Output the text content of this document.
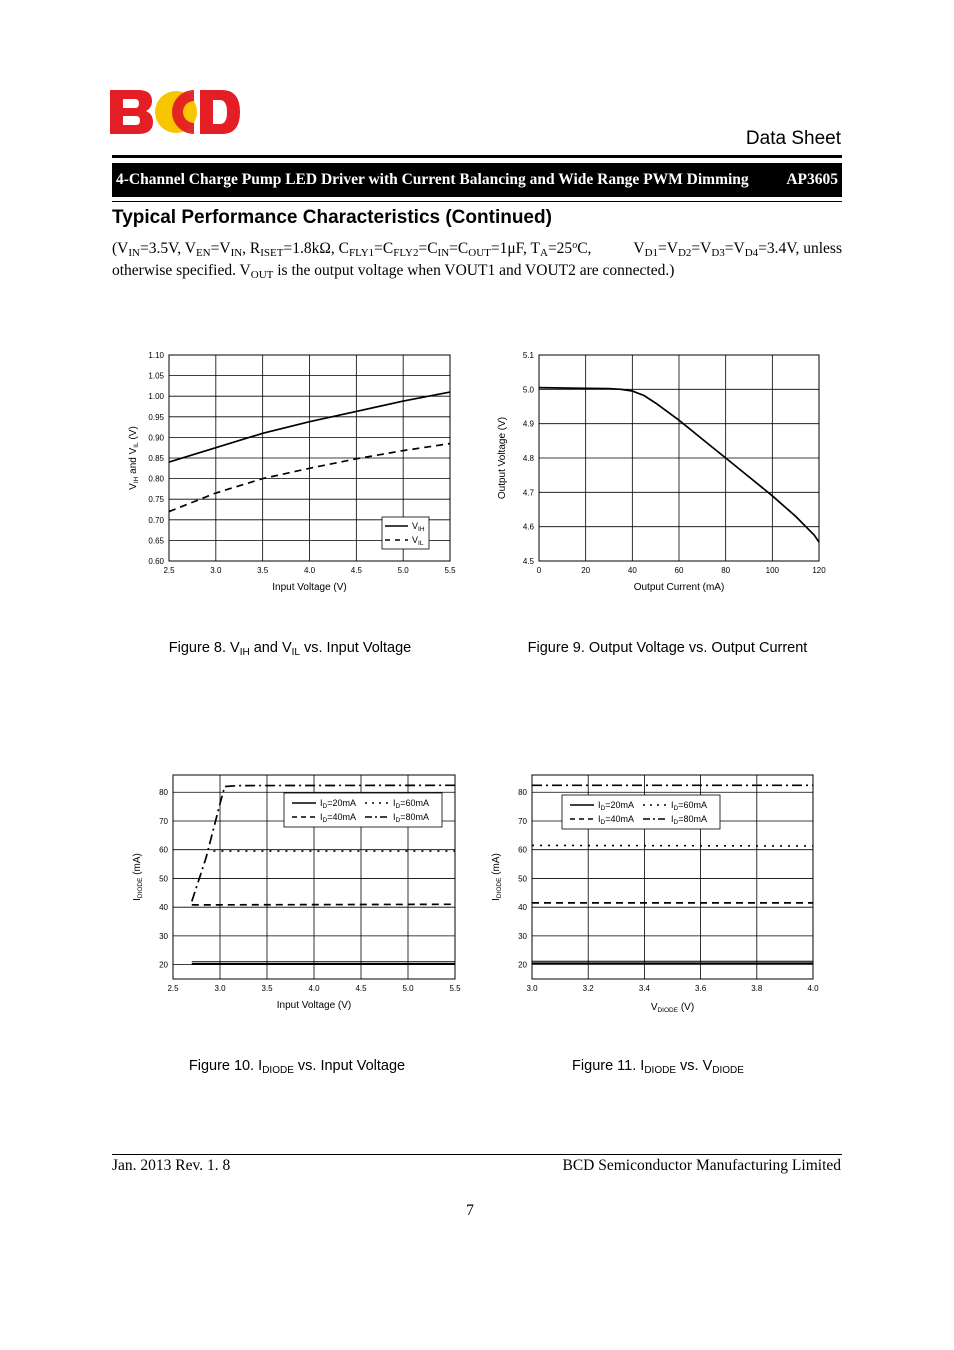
Data Sheet
4-Channel Charge Pump LED Driver with Current Balancing and Wide Range PWM Dimming AP3605
Typical Performance Characteristics (Continued)
($V_{IN}=3.5V$, $V_{EN}=V_{IN}$, $R_{ISET}=1.8k\Omega$, $C_{FLY1}=C_{FLY2}=C_{IN}=C_{OUT}=1\mu F$, $T_A=25^oC$,	$V_{D1}=V_{D2}=V_{D3}=V_{D4}=3.4V$, unless
otherwise specified. $V_{OUT}$ is the output voltage when VOUT1 and VOUT2 are connected.)
2.5	3.0	3.5	4.0	4.5	5.0	5.5
0.60
0.65
0.70
0.75
0.80
0.85
0.90
0.95
1.00
1.05
1.10
Input Voltage (V)
$V_{IH}$ and $V_{IL}$ (V)
$V_{IH}$
$V_{IL}$
0	20	40	60	80	100	120
4.5
4.6
4.7
4.8
4.9
5.0
5.1
Output Current (mA)
Output Voltage (V)
2.5	3.0	3.5	4.0	4.5	5.0	5.5
20
30
40
50
60
70
80
Input Voltage (V)
$I_{DIODE}$ (mA)
$I_D=20mA$	$I_D=60mA$
$I_D=40mA$	$I_D=80mA$
3.0	3.2	3.4	3.6	3.8	4.0
20
30
40
50
60
70
80
$V_{DIODE}$ (V)
$I_{DIODE}$ (mA)
$I_D=20mA$	$I_D=60mA$
$I_D=40mA$	$I_D=80mA$
Figure 8. $V_{IH}$ and $V_{IL}$ vs. Input Voltage	Figure 9. Output Voltage vs. Output Current
Figure 10. $I_{DIODE}$ vs. Input Voltage	Figure 11. $I_{DIODE}$ vs. $V_{DIODE}$
Jan. 2013 Rev. 1. 8	BCD Semiconductor Manufacturing Limited
7
